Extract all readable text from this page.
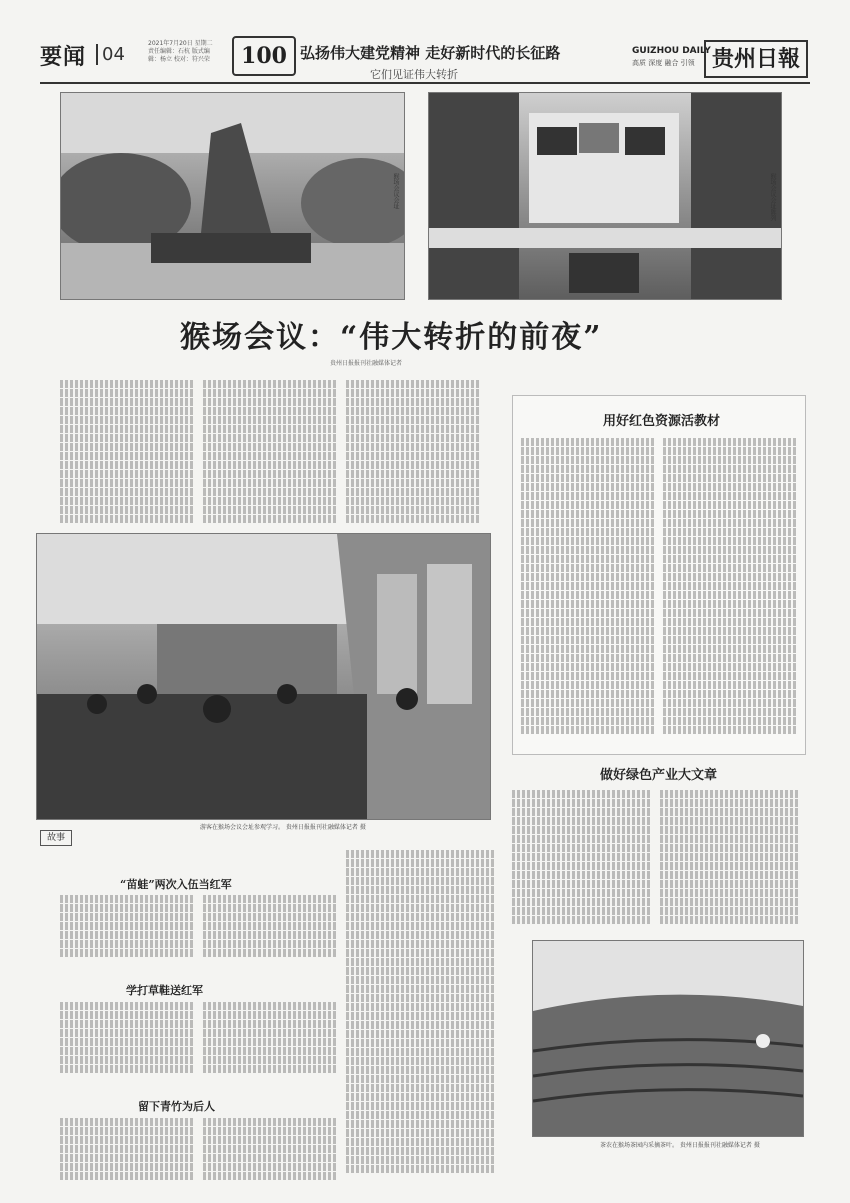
要闻 04
2021年7月20日 星期二 责任编辑：石杭 版式编辑：杨立 校对：符兴荣	100 弘扬伟大建党精神 走好新时代的长征路
它们见证伟大转折
GUIZHOU DAILY
高质 深度 融合 引领 贵州日報
猴场会议会址	猴场会议会址陈列
猴场会议：“伟大转折的前夜”
贵州日报报刊社融媒体记者
游客在猴场会议会址参观学习。 贵州日报报刊社融媒体记者 摄
用好红色资源活教材
做好绿色产业大文章
茶农在猴场茶园内采摘茶叶。 贵州日报报刊社融媒体记者 摄
故事
“苗蛙”两次入伍当红军
学打草鞋送红军
留下青竹为后人
